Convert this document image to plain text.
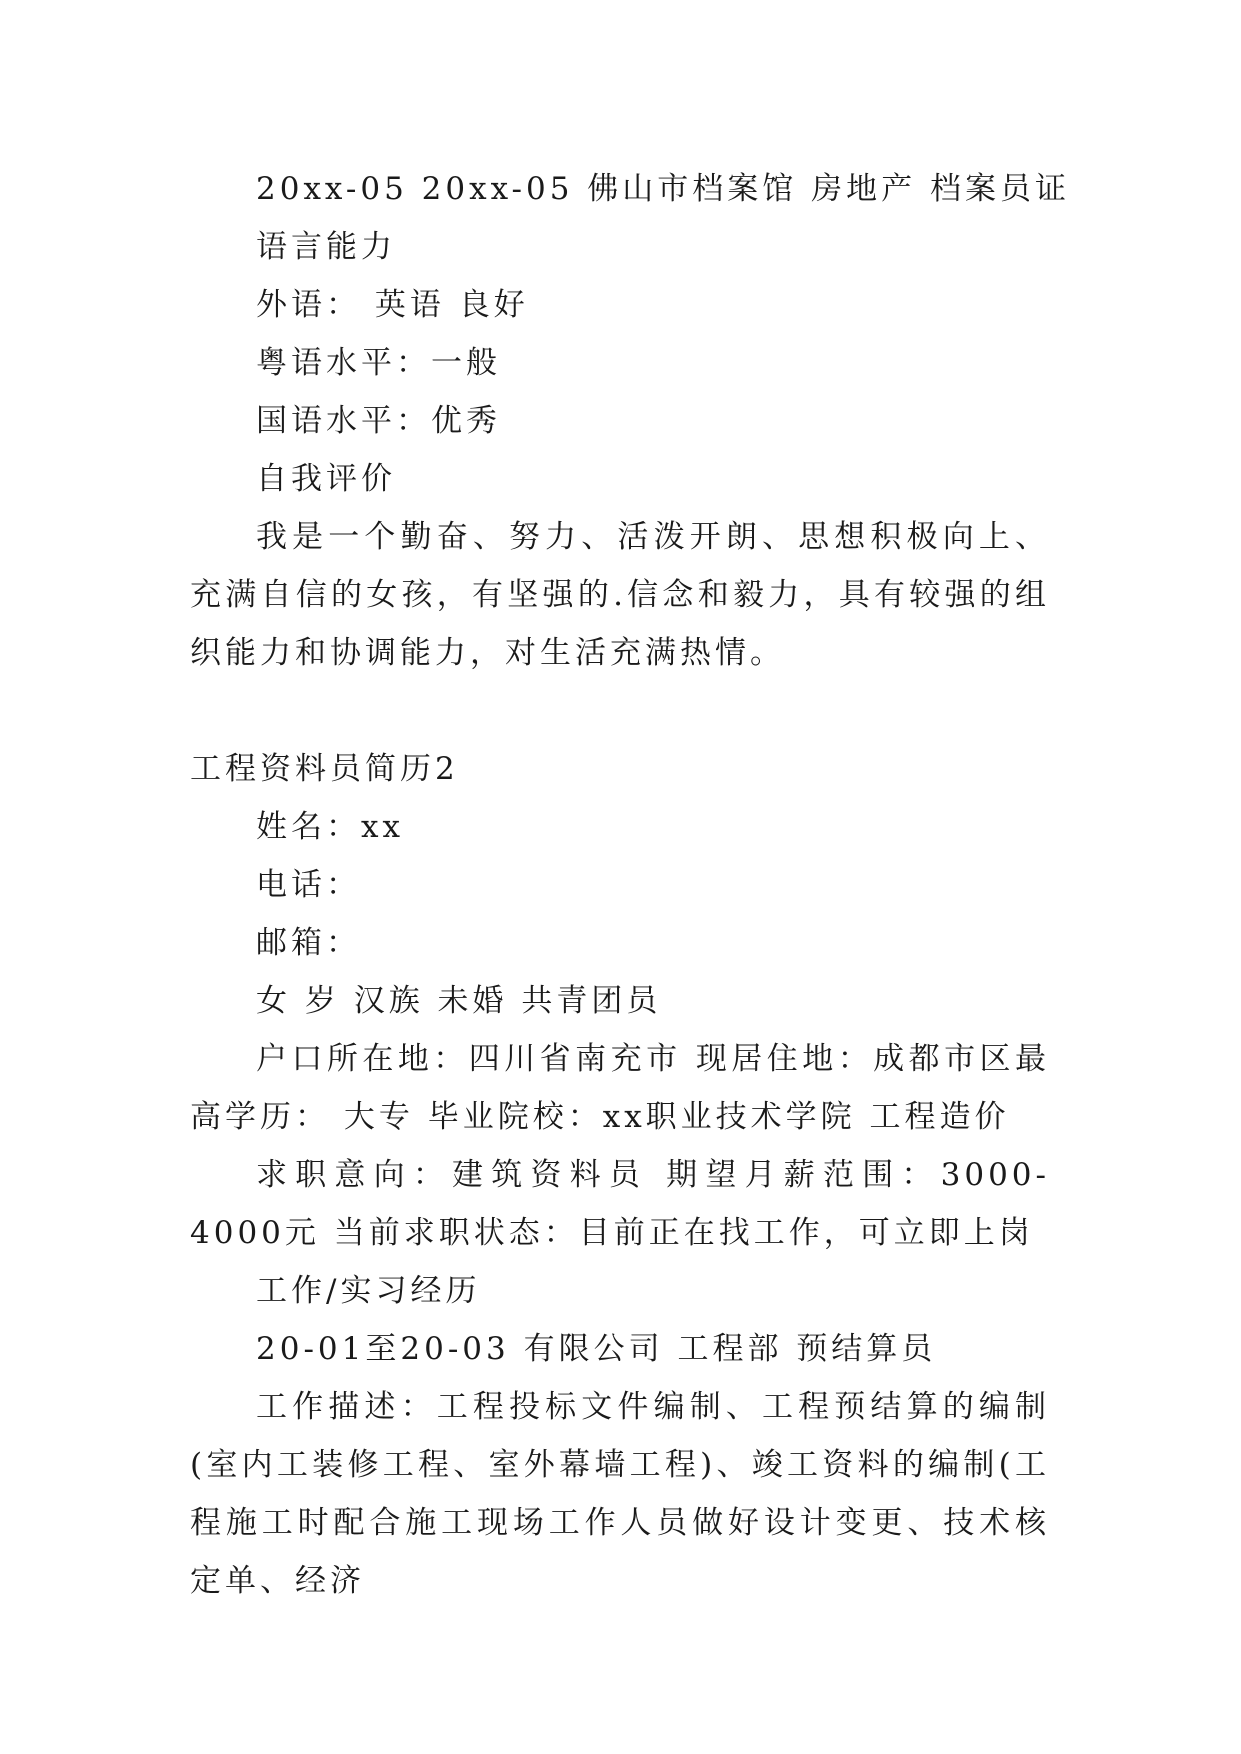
20xx-05 20xx-05 佛山市档案馆 房地产 档案员证
语言能力
外语： 英语 良好
粤语水平：一般
国语水平：优秀
自我评价
我是一个勤奋、努力、活泼开朗、思想积极向上、充满自信的女孩，有坚强的.信念和毅力，具有较强的组织能力和协调能力，对生活充满热情。
工程资料员简历2
姓名：xx
电话：
邮箱：
女 岁 汉族 未婚 共青团员
户口所在地：四川省南充市 现居住地：成都市区最高学历： 大专 毕业院校：xx职业技术学院 工程造价
求职意向：建筑资料员 期望月薪范围：3000-4000元 当前求职状态：目前正在找工作，可立即上岗
工作/实习经历
20-01至20-03 有限公司 工程部 预结算员
工作描述：工程投标文件编制、工程预结算的编制(室内工装修工程、室外幕墙工程)、竣工资料的编制(工程施工时配合施工现场工作人员做好设计变更、技术核定单、经济
